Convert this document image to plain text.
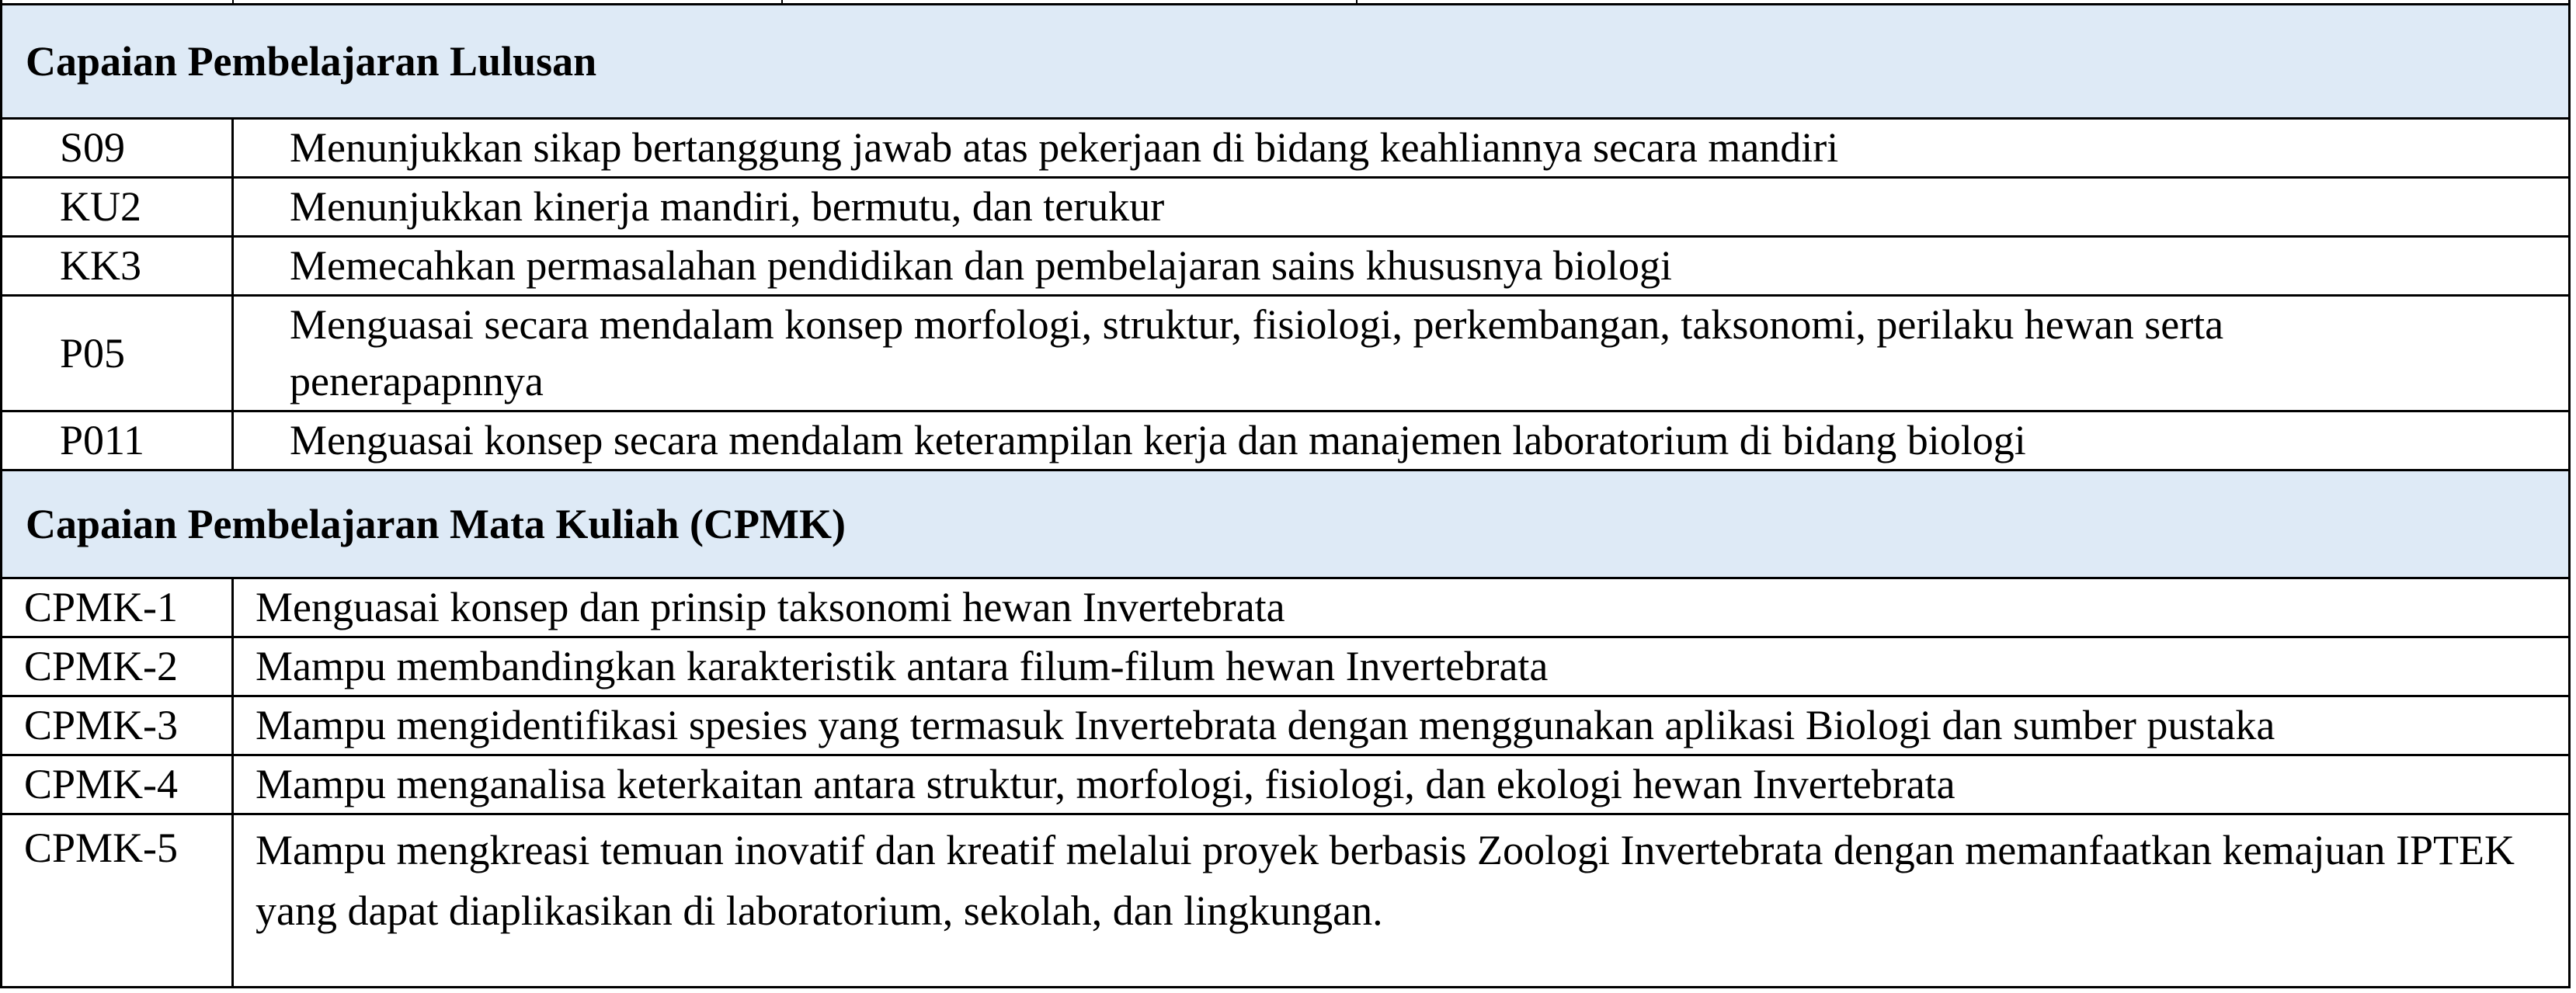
Capaian Pembelajaran Lulusan	
S09	Menunjukkan sikap bertanggung jawab atas pekerjaan di bidang keahliannya secara mandiri
KU2	Menunjukkan kinerja mandiri, bermutu, dan terukur
KK3	Memecahkan permasalahan pendidikan dan pembelajaran sains khususnya biologi
P05	Menguasai secara mendalam konsep morfologi, struktur, fisiologi, perkembangan, taksonomi, perilaku hewan serta penerapapnnya
P011	Menguasai konsep secara mendalam keterampilan kerja dan manajemen laboratorium di bidang biologi
Capaian Pembelajaran Mata Kuliah (CPMK)	
CPMK-1	Menguasai konsep dan prinsip taksonomi hewan Invertebrata
CPMK-2	Mampu membandingkan karakteristik antara filum-filum hewan Invertebrata
CPMK-3	Mampu mengidentifikasi spesies yang termasuk Invertebrata dengan menggunakan aplikasi Biologi dan sumber pustaka
CPMK-4	Mampu menganalisa keterkaitan antara struktur, morfologi, fisiologi, dan ekologi hewan Invertebrata
CPMK-5	Mampu mengkreasi temuan inovatif dan kreatif melalui proyek berbasis Zoologi Invertebrata dengan memanfaatkan kemajuan IPTEK yang dapat diaplikasikan di laboratorium, sekolah, dan lingkungan.
